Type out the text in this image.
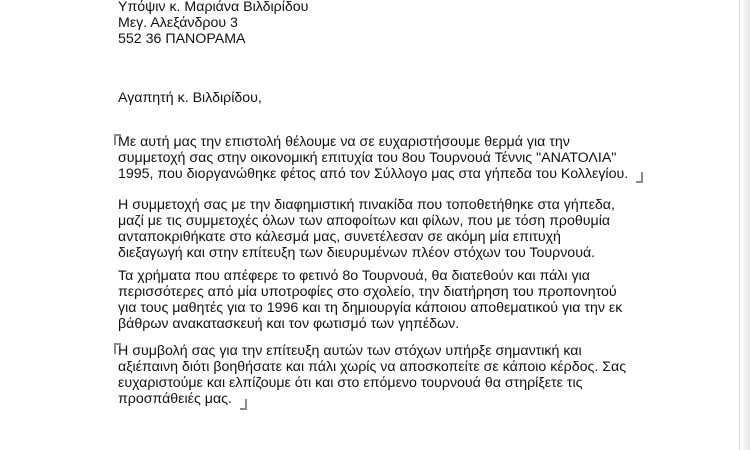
Υπόψιν κ. Μαριάνα Βιλδιρίδου

Μεγ. Αλεξάνδρου 3

552 36 ΠΑΝΟΡΑΜΑ

Αγαπητή κ. Βιλδιρίδου,

Με αυτή μας την επιστολή θέλουμε να σε ευχαριστήσουμε θερμά για την

συμμετοχή σας στην οικονομική επιτυχία του 8ου Τουρνουά Τέννις "ΑΝΑΤΟΛΙΑ"

1995, που διοργανώθηκε φέτος από τον Σύλλογο μας στα γήπεδα του Κολλεγίου.

Η συμμετοχή σας με την διαφημιστική πινακίδα που τοποθετήθηκε στα γήπεδα,

μαζί με τις συμμετοχές όλων των αποφοίτων και φίλων, που με τόση προθυμία

ανταποκριθήκατε στο κάλεσμά μας, συνετέλεσαν σε ακόμη μία επιτυχή

διεξαγωγή και στην επίτευξη των διευρυμένων πλέον στόχων του Τουρνουά.

Τα χρήματα που απέφερε το φετινό 8ο Τουρνουά, θα διατεθούν και πάλι για

περισσότερες από μία υποτροφίες στο σχολείο, την διατήρηση του προπονητού

για τους μαθητές για το 1996 και τη δημιουργία κάποιου αποθεματικού για την εκ

βάθρων ανακατασκευή και τον φωτισμό των γηπέδων.

Η συμβολή σας για την επίτευξη αυτών των στόχων υπήρξε σημαντική και

αξιέπαινη διότι βοηθήσατε και πάλι χωρίς να αποσκοπείτε σε κάποιο κέρδος. Σας

ευχαριστούμε και ελπίζουμε ότι και στο επόμενο τουρνουά θα στηρίξετε τις

προσπάθειές μας.
